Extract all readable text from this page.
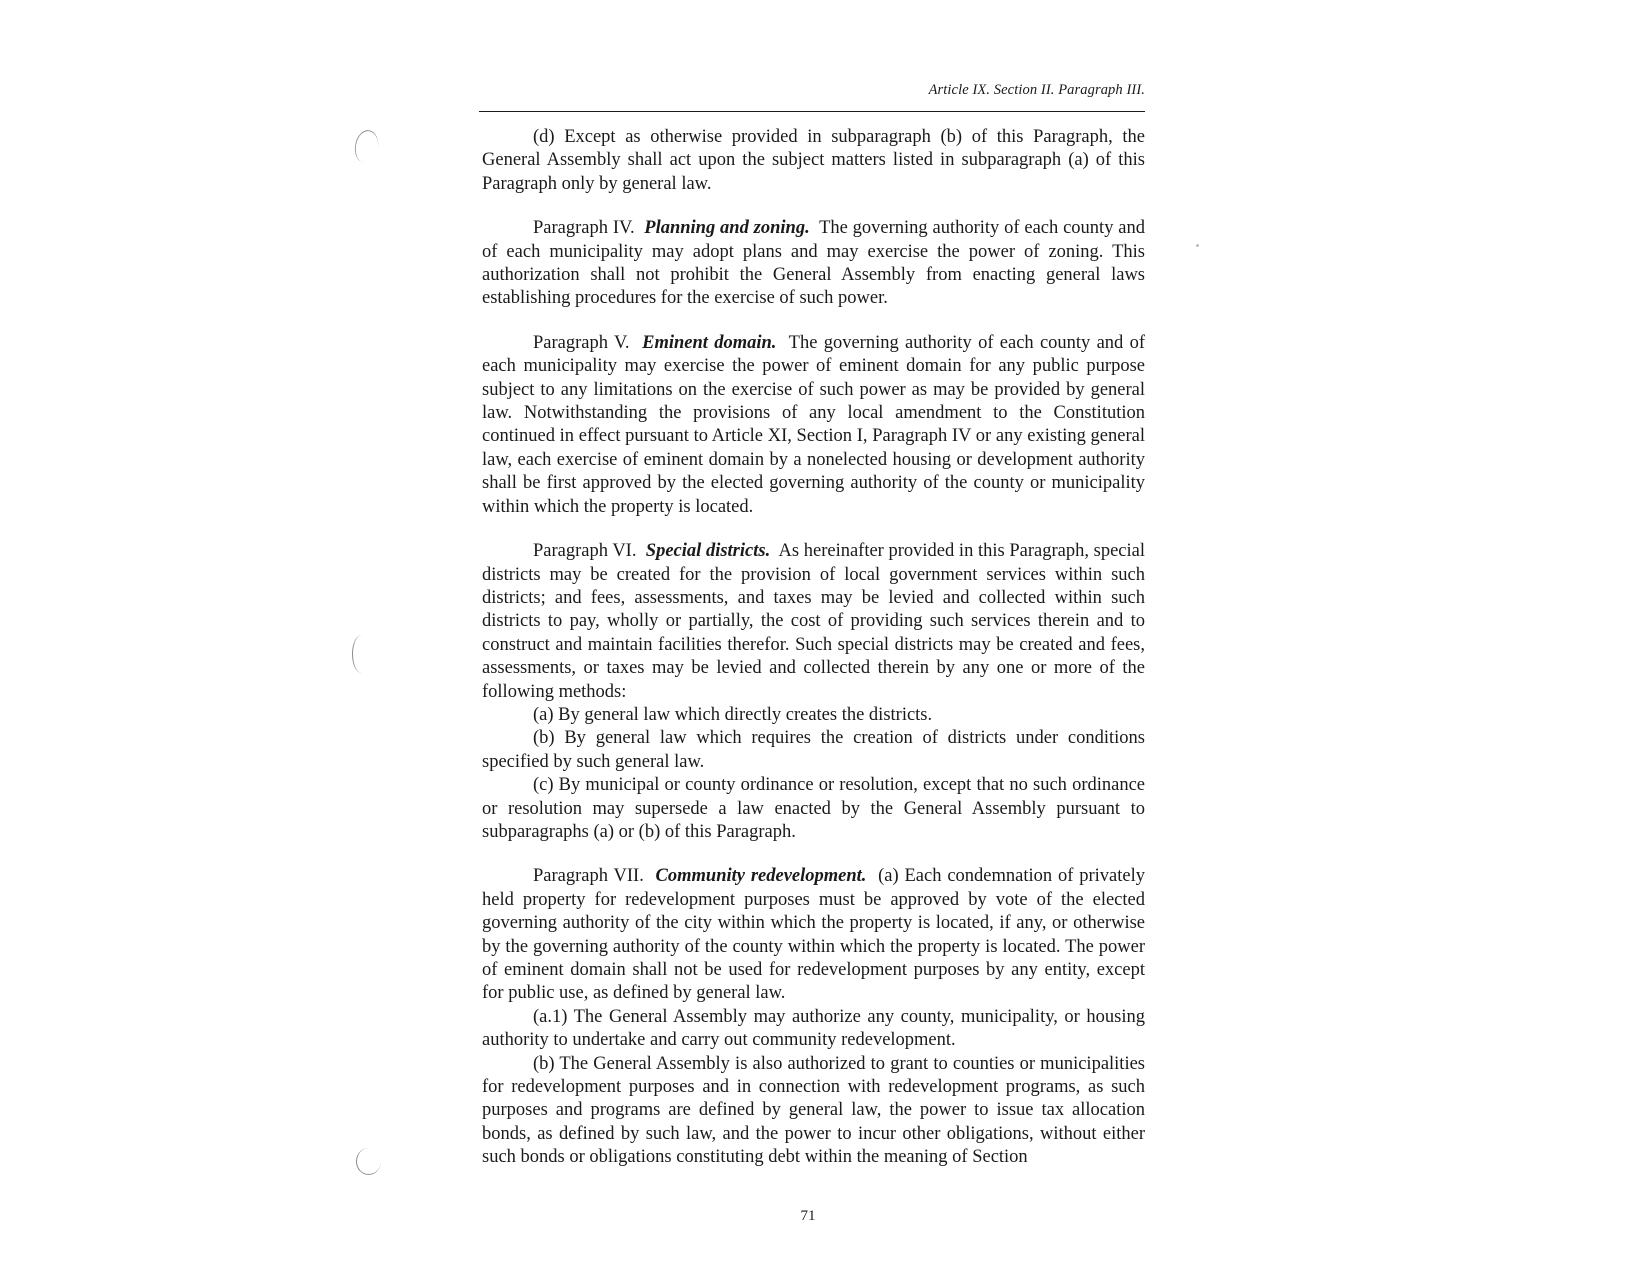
Article IX. Section II. Paragraph III.

(d) Except as otherwise provided in subparagraph (b) of this Paragraph, the General Assembly shall act upon the subject matters listed in subparagraph (a) of this Paragraph only by general law.

Paragraph IV. Planning and zoning. The governing authority of each county and of each municipality may adopt plans and may exercise the power of zoning. This authorization shall not prohibit the General Assembly from enacting general laws establishing procedures for the exercise of such power.

Paragraph V. Eminent domain. The governing authority of each county and of each municipality may exercise the power of eminent domain for any public purpose subject to any limitations on the exercise of such power as may be provided by general law. Notwithstanding the provisions of any local amendment to the Constitution continued in effect pursuant to Article XI, Section I, Paragraph IV or any existing general law, each exercise of eminent domain by a nonelected housing or development authority shall be first approved by the elected governing authority of the county or municipality within which the property is located.

Paragraph VI. Special districts. As hereinafter provided in this Paragraph, special districts may be created for the provision of local government services within such districts; and fees, assessments, and taxes may be levied and collected within such districts to pay, wholly or partially, the cost of providing such services therein and to construct and maintain facilities therefor. Such special districts may be created and fees, assessments, or taxes may be levied and collected therein by any one or more of the following methods:

(a) By general law which directly creates the districts.

(b) By general law which requires the creation of districts under conditions specified by such general law.

(c) By municipal or county ordinance or resolution, except that no such ordinance or resolution may supersede a law enacted by the General Assembly pursuant to subparagraphs (a) or (b) of this Paragraph.

Paragraph VII. Community redevelopment. (a) Each condemnation of privately held property for redevelopment purposes must be approved by vote of the elected governing authority of the city within which the property is located, if any, or otherwise by the governing authority of the county within which the property is located. The power of eminent domain shall not be used for redevelopment purposes by any entity, except for public use, as defined by general law.

(a.1) The General Assembly may authorize any county, municipality, or housing authority to undertake and carry out community redevelopment.

(b) The General Assembly is also authorized to grant to counties or municipalities for redevelopment purposes and in connection with redevelopment programs, as such purposes and programs are defined by general law, the power to issue tax allocation bonds, as defined by such law, and the power to incur other obligations, without either such bonds or obligations constituting debt within the meaning of Section

71
